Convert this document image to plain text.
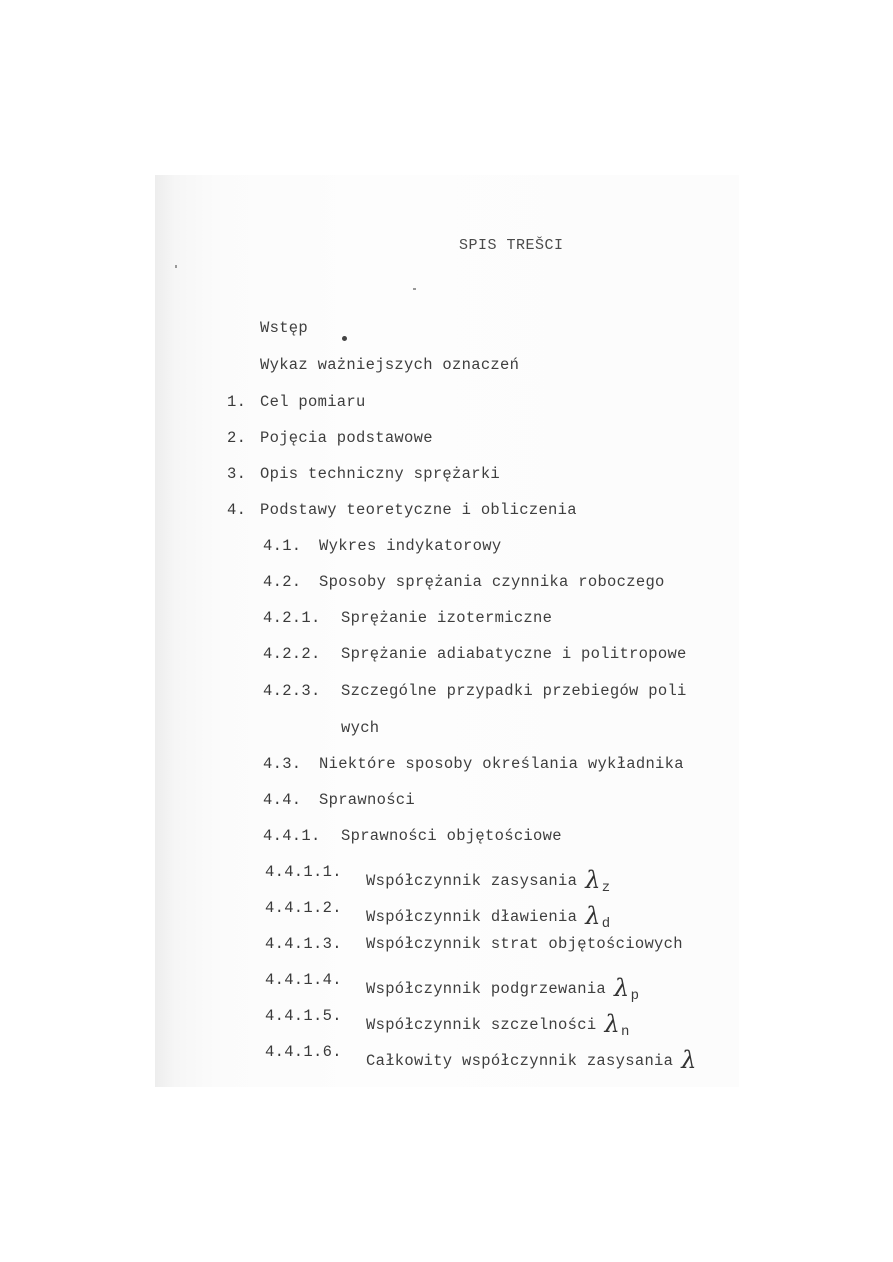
SPIS TREŠCI
Wstęp
Wykaz ważniejszych oznaczeń
1. Cel pomiaru
2. Pojęcia podstawowe
3. Opis techniczny sprężarki
4. Podstawy teoretyczne i obliczenia
4.1. Wykres indykatorowy
4.2. Sposoby sprężania czynnika roboczego
4.2.1. Sprężanie izotermiczne
4.2.2. Sprężanie adiabatyczne i politropowe
4.2.3. Szczególne przypadki przebiegów poli
wych
4.3. Niektóre sposoby określania wykładnika
4.4. Sprawności
4.4.1. Sprawności objętościowe
4.4.1.1. Współczynnik zasysania λz
4.4.1.2. Współczynnik dławienia λd
4.4.1.3. Współczynnik strat objętościowych
4.4.1.4. Współczynnik podgrzewania λp
4.4.1.5. Współczynnik szczelności λn
4.4.1.6. Całkowity współczynnik zasysania λ
